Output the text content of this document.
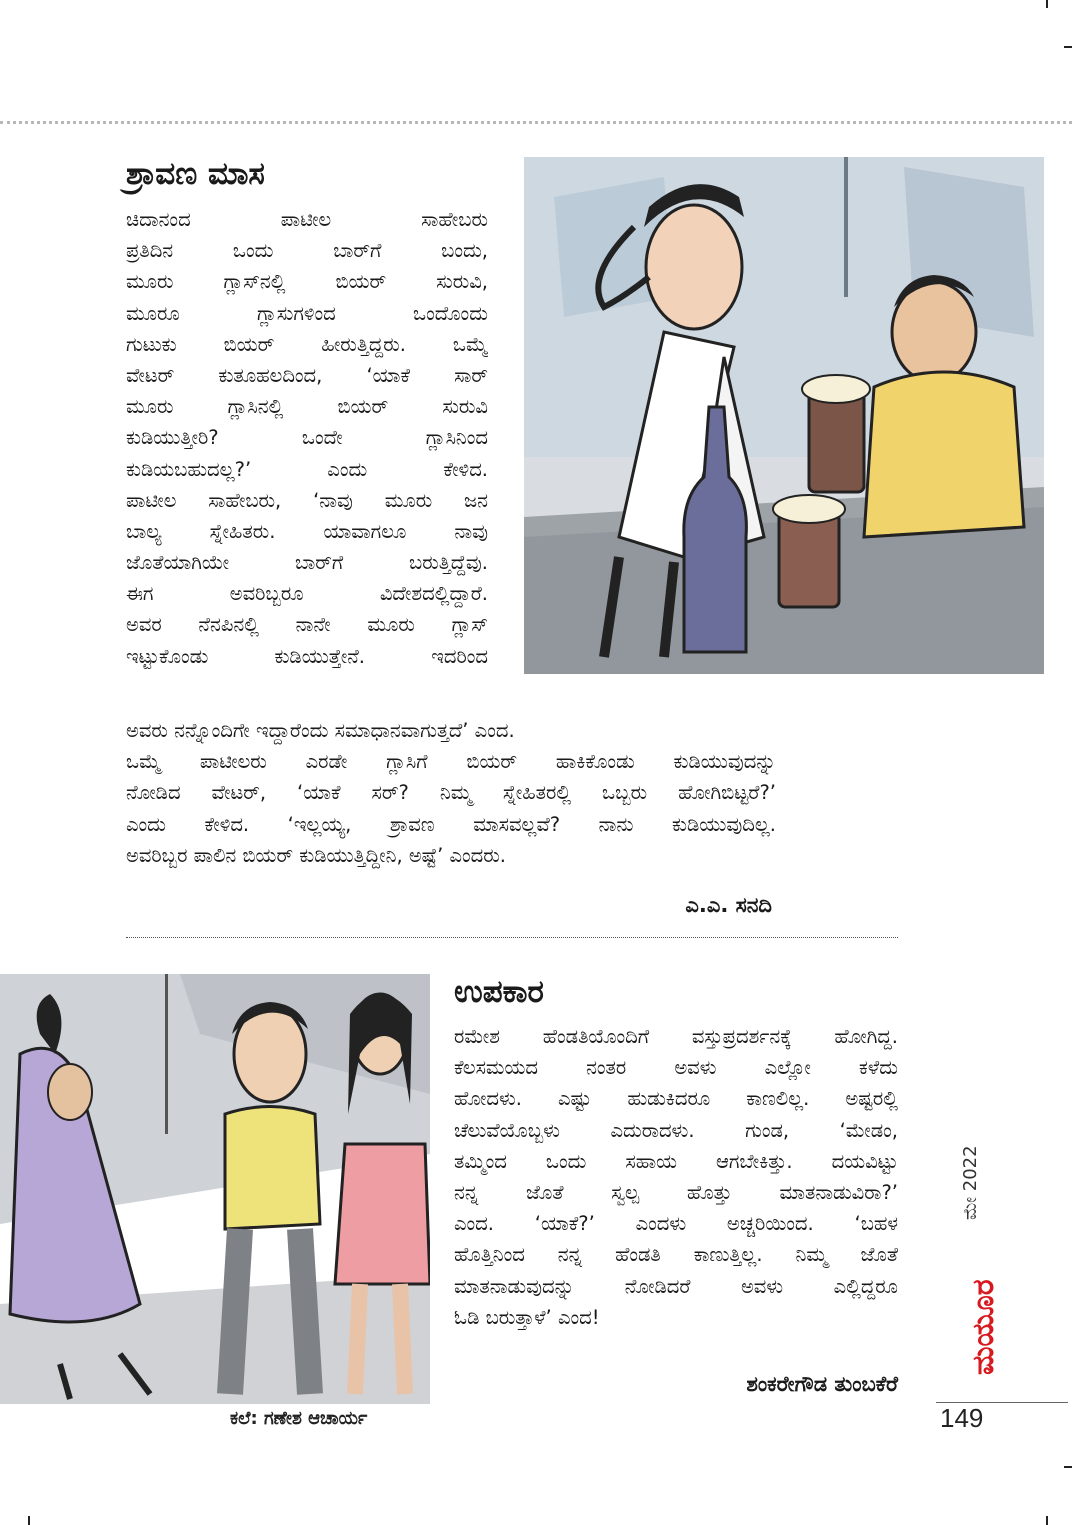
ಶ್ರಾವಣ ಮಾಸ
ಚಿದಾನಂದ ಪಾಟೀಲ ಸಾಹೇಬರು
ಪ್ರತಿದಿನ ಒಂದು ಬಾರ್‌ಗೆ ಬಂದು,
ಮೂರು ಗ್ಲಾಸ್‌ನಲ್ಲಿ ಬಿಯರ್ ಸುರುವಿ,
ಮೂರೂ ಗ್ಲಾಸುಗಳಿಂದ ಒಂದೊಂದು
ಗುಟುಕು ಬಿಯರ್ ಹೀರುತ್ತಿದ್ದರು. ಒಮ್ಮೆ
ವೇಟರ್ ಕುತೂಹಲದಿಂದ, ‘ಯಾಕೆ ಸಾರ್
ಮೂರು ಗ್ಲಾಸಿನಲ್ಲಿ ಬಿಯರ್ ಸುರುವಿ
ಕುಡಿಯುತ್ತೀರಿ? ಒಂದೇ ಗ್ಲಾಸಿನಿಂದ
ಕುಡಿಯಬಹುದಲ್ಲ?’ ಎಂದು ಕೇಳಿದ.
ಪಾಟೀಲ ಸಾಹೇಬರು, ‘ನಾವು ಮೂರು ಜನ
ಬಾಲ್ಯ ಸ್ನೇಹಿತರು. ಯಾವಾಗಲೂ ನಾವು
ಜೊತೆಯಾಗಿಯೇ ಬಾರ್‌ಗೆ ಬರುತ್ತಿದ್ದೆವು.
ಈಗ ಅವರಿಬ್ಬರೂ ವಿದೇಶದಲ್ಲಿದ್ದಾರೆ.
ಅವರ ನೆನಪಿನಲ್ಲಿ ನಾನೇ ಮೂರು ಗ್ಲಾಸ್
ಇಟ್ಟುಕೊಂಡು ಕುಡಿಯುತ್ತೇನೆ. ಇದರಿಂದ
ಅವರು ನನ್ನೊಂದಿಗೇ ಇದ್ದಾರೆಂದು ಸಮಾಧಾನವಾಗುತ್ತದೆ’ ಎಂದ.
ಒಮ್ಮೆ ಪಾಟೀಲರು ಎರಡೇ ಗ್ಲಾಸಿಗೆ ಬಿಯರ್ ಹಾಕಿಕೊಂಡು ಕುಡಿಯುವುದನ್ನು
ನೋಡಿದ ವೇಟರ್, ‘ಯಾಕೆ ಸರ್? ನಿಮ್ಮ ಸ್ನೇಹಿತರಲ್ಲಿ ಒಬ್ಬರು ಹೋಗಿಬಿಟ್ಟರೆ?’
ಎಂದು ಕೇಳಿದ. ‘ಇಲ್ಲಯ್ಯ, ಶ್ರಾವಣ ಮಾಸವಲ್ಲವೆ? ನಾನು ಕುಡಿಯುವುದಿಲ್ಲ.
ಅವರಿಬ್ಬರ ಪಾಲಿನ ಬಿಯರ್ ಕುಡಿಯುತ್ತಿದ್ದೀನಿ, ಅಷ್ಟೆ’ ಎಂದರು.
ಎ.ಎ. ಸನದಿ
ಉಪಕಾರ
ರಮೇಶ ಹೆಂಡತಿಯೊಂದಿಗೆ ವಸ್ತುಪ್ರದರ್ಶನಕ್ಕೆ ಹೋಗಿದ್ದ.
ಕೆಲಸಮಯದ ನಂತರ ಅವಳು ಎಲ್ಲೋ ಕಳೆದು
ಹೋದಳು. ಎಷ್ಟು ಹುಡುಕಿದರೂ ಕಾಣಲಿಲ್ಲ. ಅಷ್ಟರಲ್ಲಿ
ಚೆಲುವೆಯೊಬ್ಬಳು ಎದುರಾದಳು. ಗುಂಡ, ‘ಮೇಡಂ,
ತಮ್ಮಿಂದ ಒಂದು ಸಹಾಯ ಆಗಬೇಕಿತ್ತು. ದಯವಿಟ್ಟು
ನನ್ನ ಜೊತೆ ಸ್ವಲ್ಪ ಹೊತ್ತು ಮಾತನಾಡುವಿರಾ?’
ಎಂದ. ‘ಯಾಕೆ?’ ಎಂದಳು ಅಚ್ಚರಿಯಿಂದ. ‘ಬಹಳ
ಹೊತ್ತಿನಿಂದ ನನ್ನ ಹೆಂಡತಿ ಕಾಣುತ್ತಿಲ್ಲ. ನಿಮ್ಮ ಜೊತೆ
ಮಾತನಾಡುವುದನ್ನು ನೋಡಿದರೆ ಅವಳು ಎಲ್ಲಿದ್ದರೂ
ಓಡಿ ಬರುತ್ತಾಳೆ’ ಎಂದ!
ಶಂಕರೇಗೌಡ ತುಂಬಕೆರೆ
ಕಲೆ: ಗಣೇಶ ಆಚಾರ್ಯ
ಮೇ 2022
ಮಯೂರ
149
